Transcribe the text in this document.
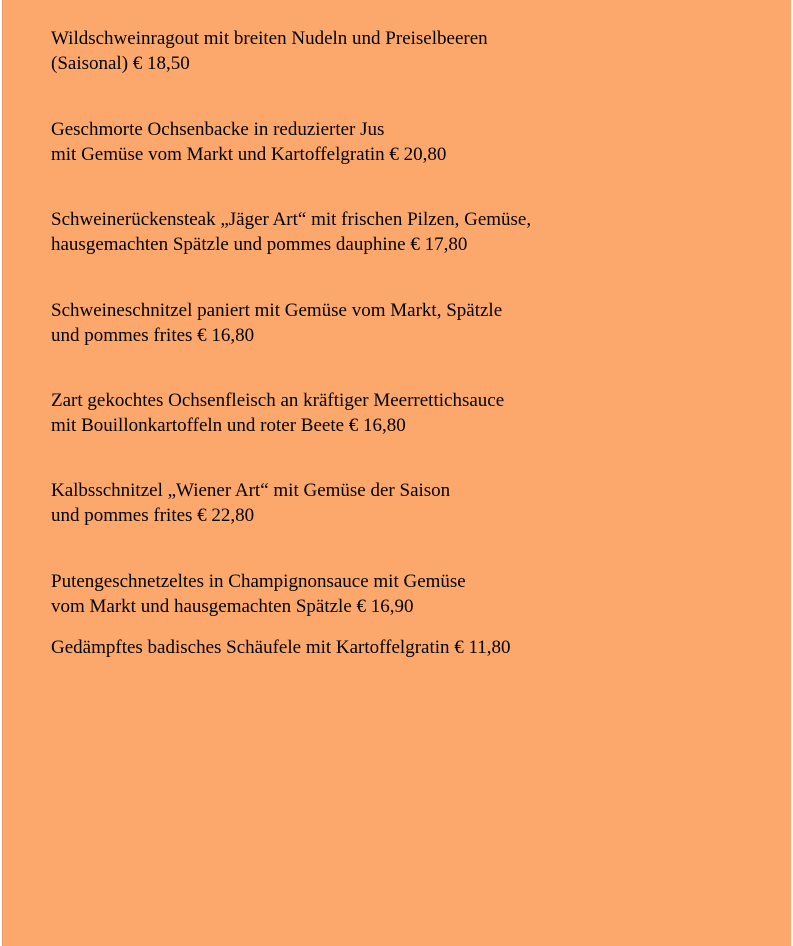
Wildschweinragout mit breiten Nudeln und Preiselbeeren
(Saisonal) € 18,50
Geschmorte Ochsenbacke in reduzierter Jus
mit Gemüse vom Markt und Kartoffelgratin € 20,80
Schweinerückensteak „Jäger Art“ mit frischen Pilzen, Gemüse,
hausgemachten Spätzle und pommes dauphine € 17,80
Schweineschnitzel paniert mit Gemüse vom Markt, Spätzle
und pommes frites € 16,80
Zart gekochtes Ochsenfleisch an kräftiger Meerrettichsauce
mit Bouillonkartoffeln und roter Beete € 16,80
Kalbsschnitzel „Wiener Art“ mit Gemüse der Saison
und pommes frites € 22,80
Putengeschnetzeltes in Champignonsauce mit Gemüse
vom Markt und hausgemachten Spätzle € 16,90
Gedämpftes badisches Schäufele mit Kartoffelgratin € 11,80
